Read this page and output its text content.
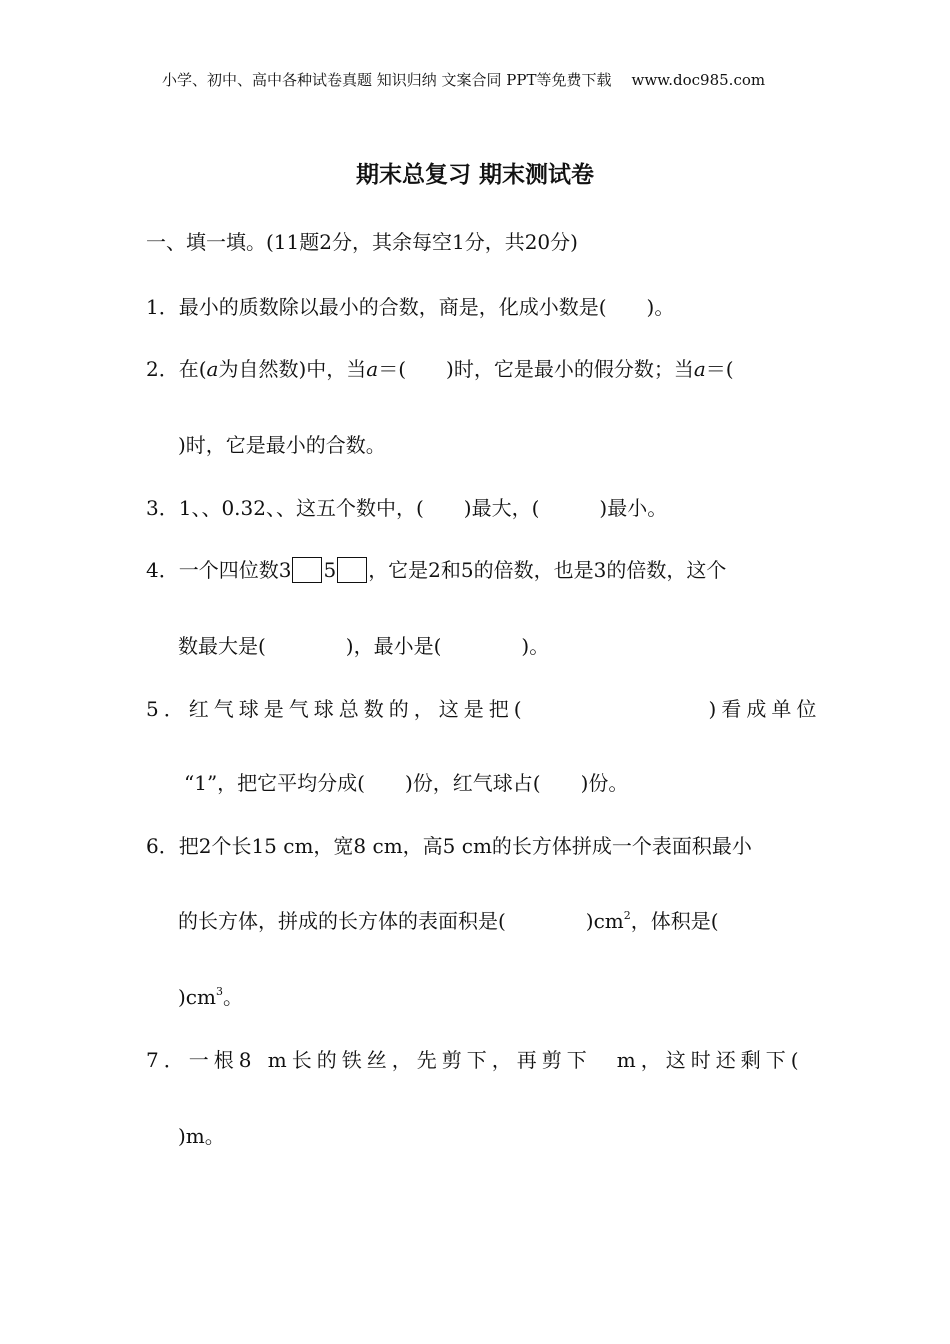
小学、初中、高中各种试卷真题 知识归纳 文案合同 PPT等免费下载 www.doc985.com
期末总复习 期末测试卷
一、填一填。(11题2分，其余每空1分，共20分)
1．最小的质数除以最小的合数，商是，化成小数是(　　)。
2．在(a为自然数)中，当a＝(　　)时，它是最小的假分数；当a＝(
)时，它是最小的合数。
3．1、、0.32、、这五个数中，(　　)最大，(　　　)最小。
4．一个四位数3 5 ，它是2和5的倍数，也是3的倍数，这个
数最大是(　　　　)，最小是(　　　　)。
5．红气球是气球总数的，这是把(	)看成单位
“1”，把它平均分成(　　)份，红气球占(　　)份。
6．把2个长15 cm，宽8 cm，高5 cm的长方体拼成一个表面积最小
的长方体，拼成的长方体的表面积是(　　　　)$cm^2$，体积是(
)$cm^3$。
7．一根8 m长的铁丝，先剪下，再剪下　m，这时还剩下(
)m。
